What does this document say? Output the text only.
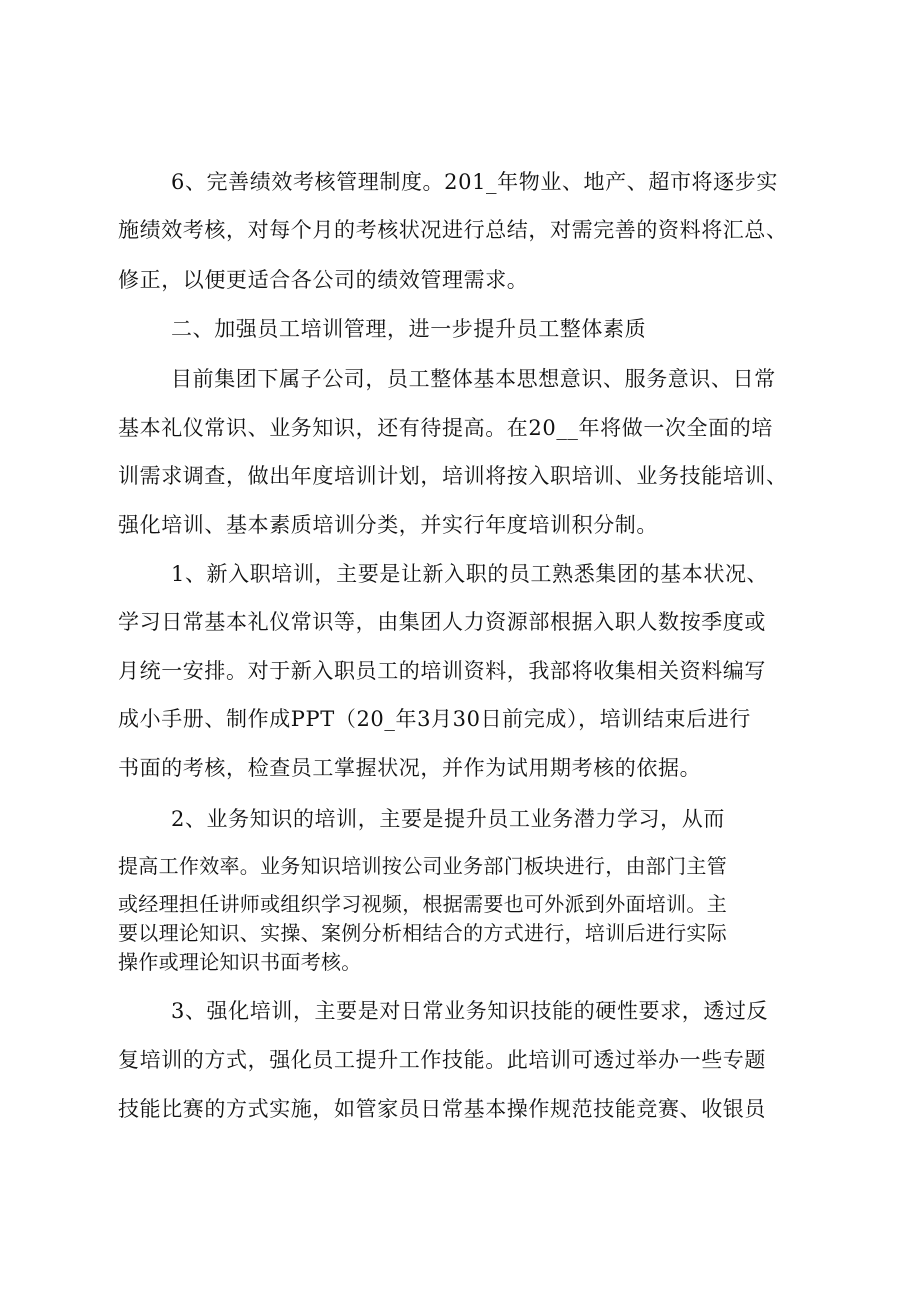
6、完善绩效考核管理制度。201_年物业、地产、超市将逐步实
施绩效考核，对每个月的考核状况进行总结，对需完善的资料将汇总、
修正，以便更适合各公司的绩效管理需求。
二、加强员工培训管理，进一步提升员工整体素质
目前集团下属子公司，员工整体基本思想意识、服务意识、日常
基本礼仪常识、业务知识，还有待提高。在20__年将做一次全面的培
训需求调查，做出年度培训计划，培训将按入职培训、业务技能培训、
强化培训、基本素质培训分类，并实行年度培训积分制。
1、新入职培训，主要是让新入职的员工熟悉集团的基本状况、
学习日常基本礼仪常识等，由集团人力资源部根据入职人数按季度或
月统一安排。对于新入职员工的培训资料，我部将收集相关资料编写
成小手册、制作成PPT（20_年3月30日前完成），培训结束后进行
书面的考核，检查员工掌握状况，并作为试用期考核的依据。
2、业务知识的培训，主要是提升员工业务潜力学习，从而
提高工作效率。业务知识培训按公司业务部门板块进行，由部门主管
或经理担任讲师或组织学习视频，根据需要也可外派到外面培训。主
要以理论知识、实操、案例分析相结合的方式进行，培训后进行实际
操作或理论知识书面考核。
3、强化培训，主要是对日常业务知识技能的硬性要求，透过反
复培训的方式，强化员工提升工作技能。此培训可透过举办一些专题
技能比赛的方式实施，如管家员日常基本操作规范技能竞赛、收银员
